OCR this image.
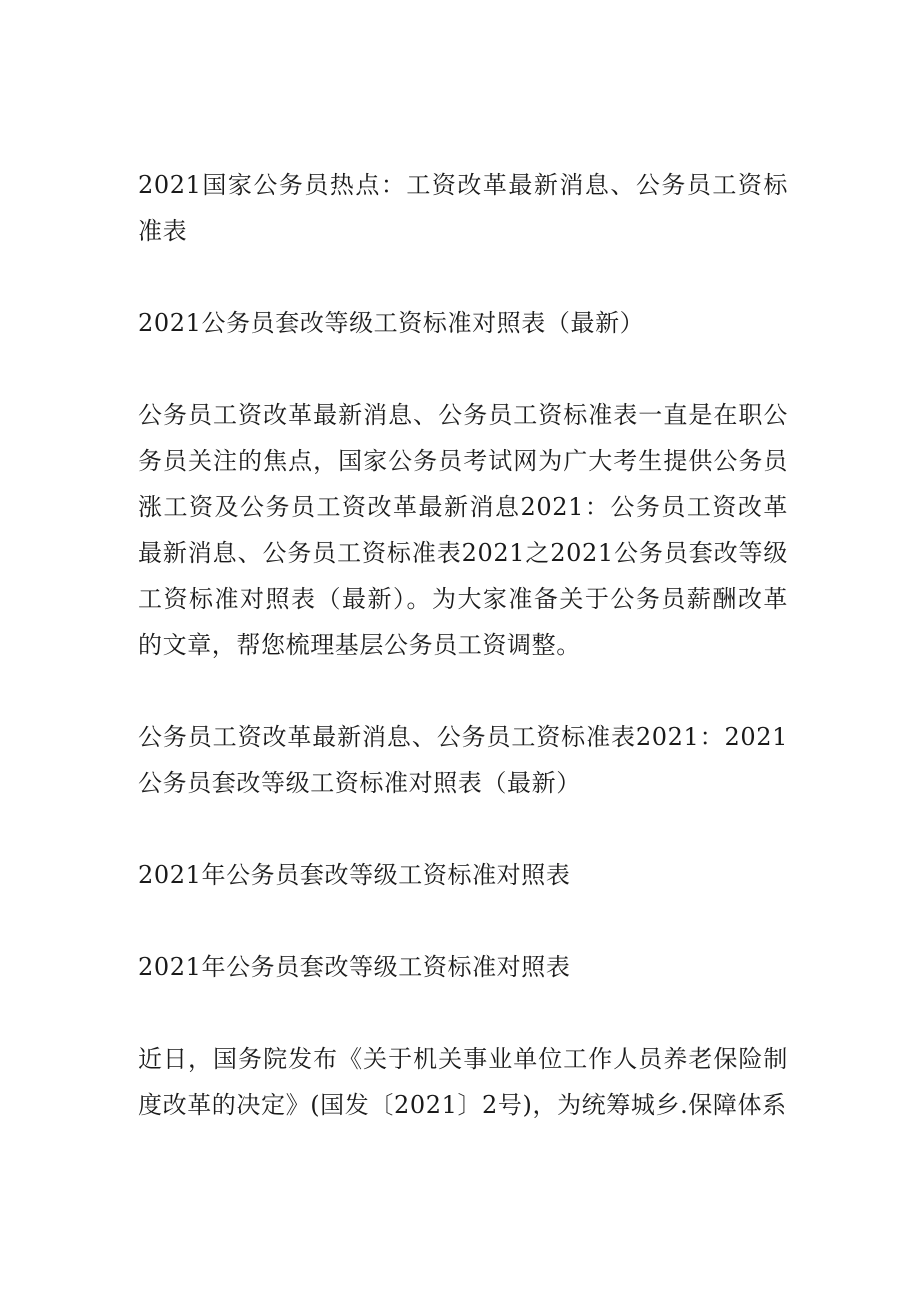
2021国家公务员热点：工资改革最新消息、公务员工资标准表

2021公务员套改等级工资标准对照表（最新）

公务员工资改革最新消息、公务员工资标准表一直是在职公务员关注的焦点，国家公务员考试网为广大考生提供公务员涨工资及公务员工资改革最新消息2021：公务员工资改革最新消息、公务员工资标准表2021之2021公务员套改等级工资标准对照表（最新）。为大家准备关于公务员薪酬改革的文章，帮您梳理基层公务员工资调整。

公务员工资改革最新消息、公务员工资标准表2021：2021公务员套改等级工资标准对照表（最新）

2021年公务员套改等级工资标准对照表

2021年公务员套改等级工资标准对照表

近日，国务院发布《关于机关事业单位工作人员养老保险制度改革的决定》(国发〔2021〕2号)，为统筹城乡.保障体系
